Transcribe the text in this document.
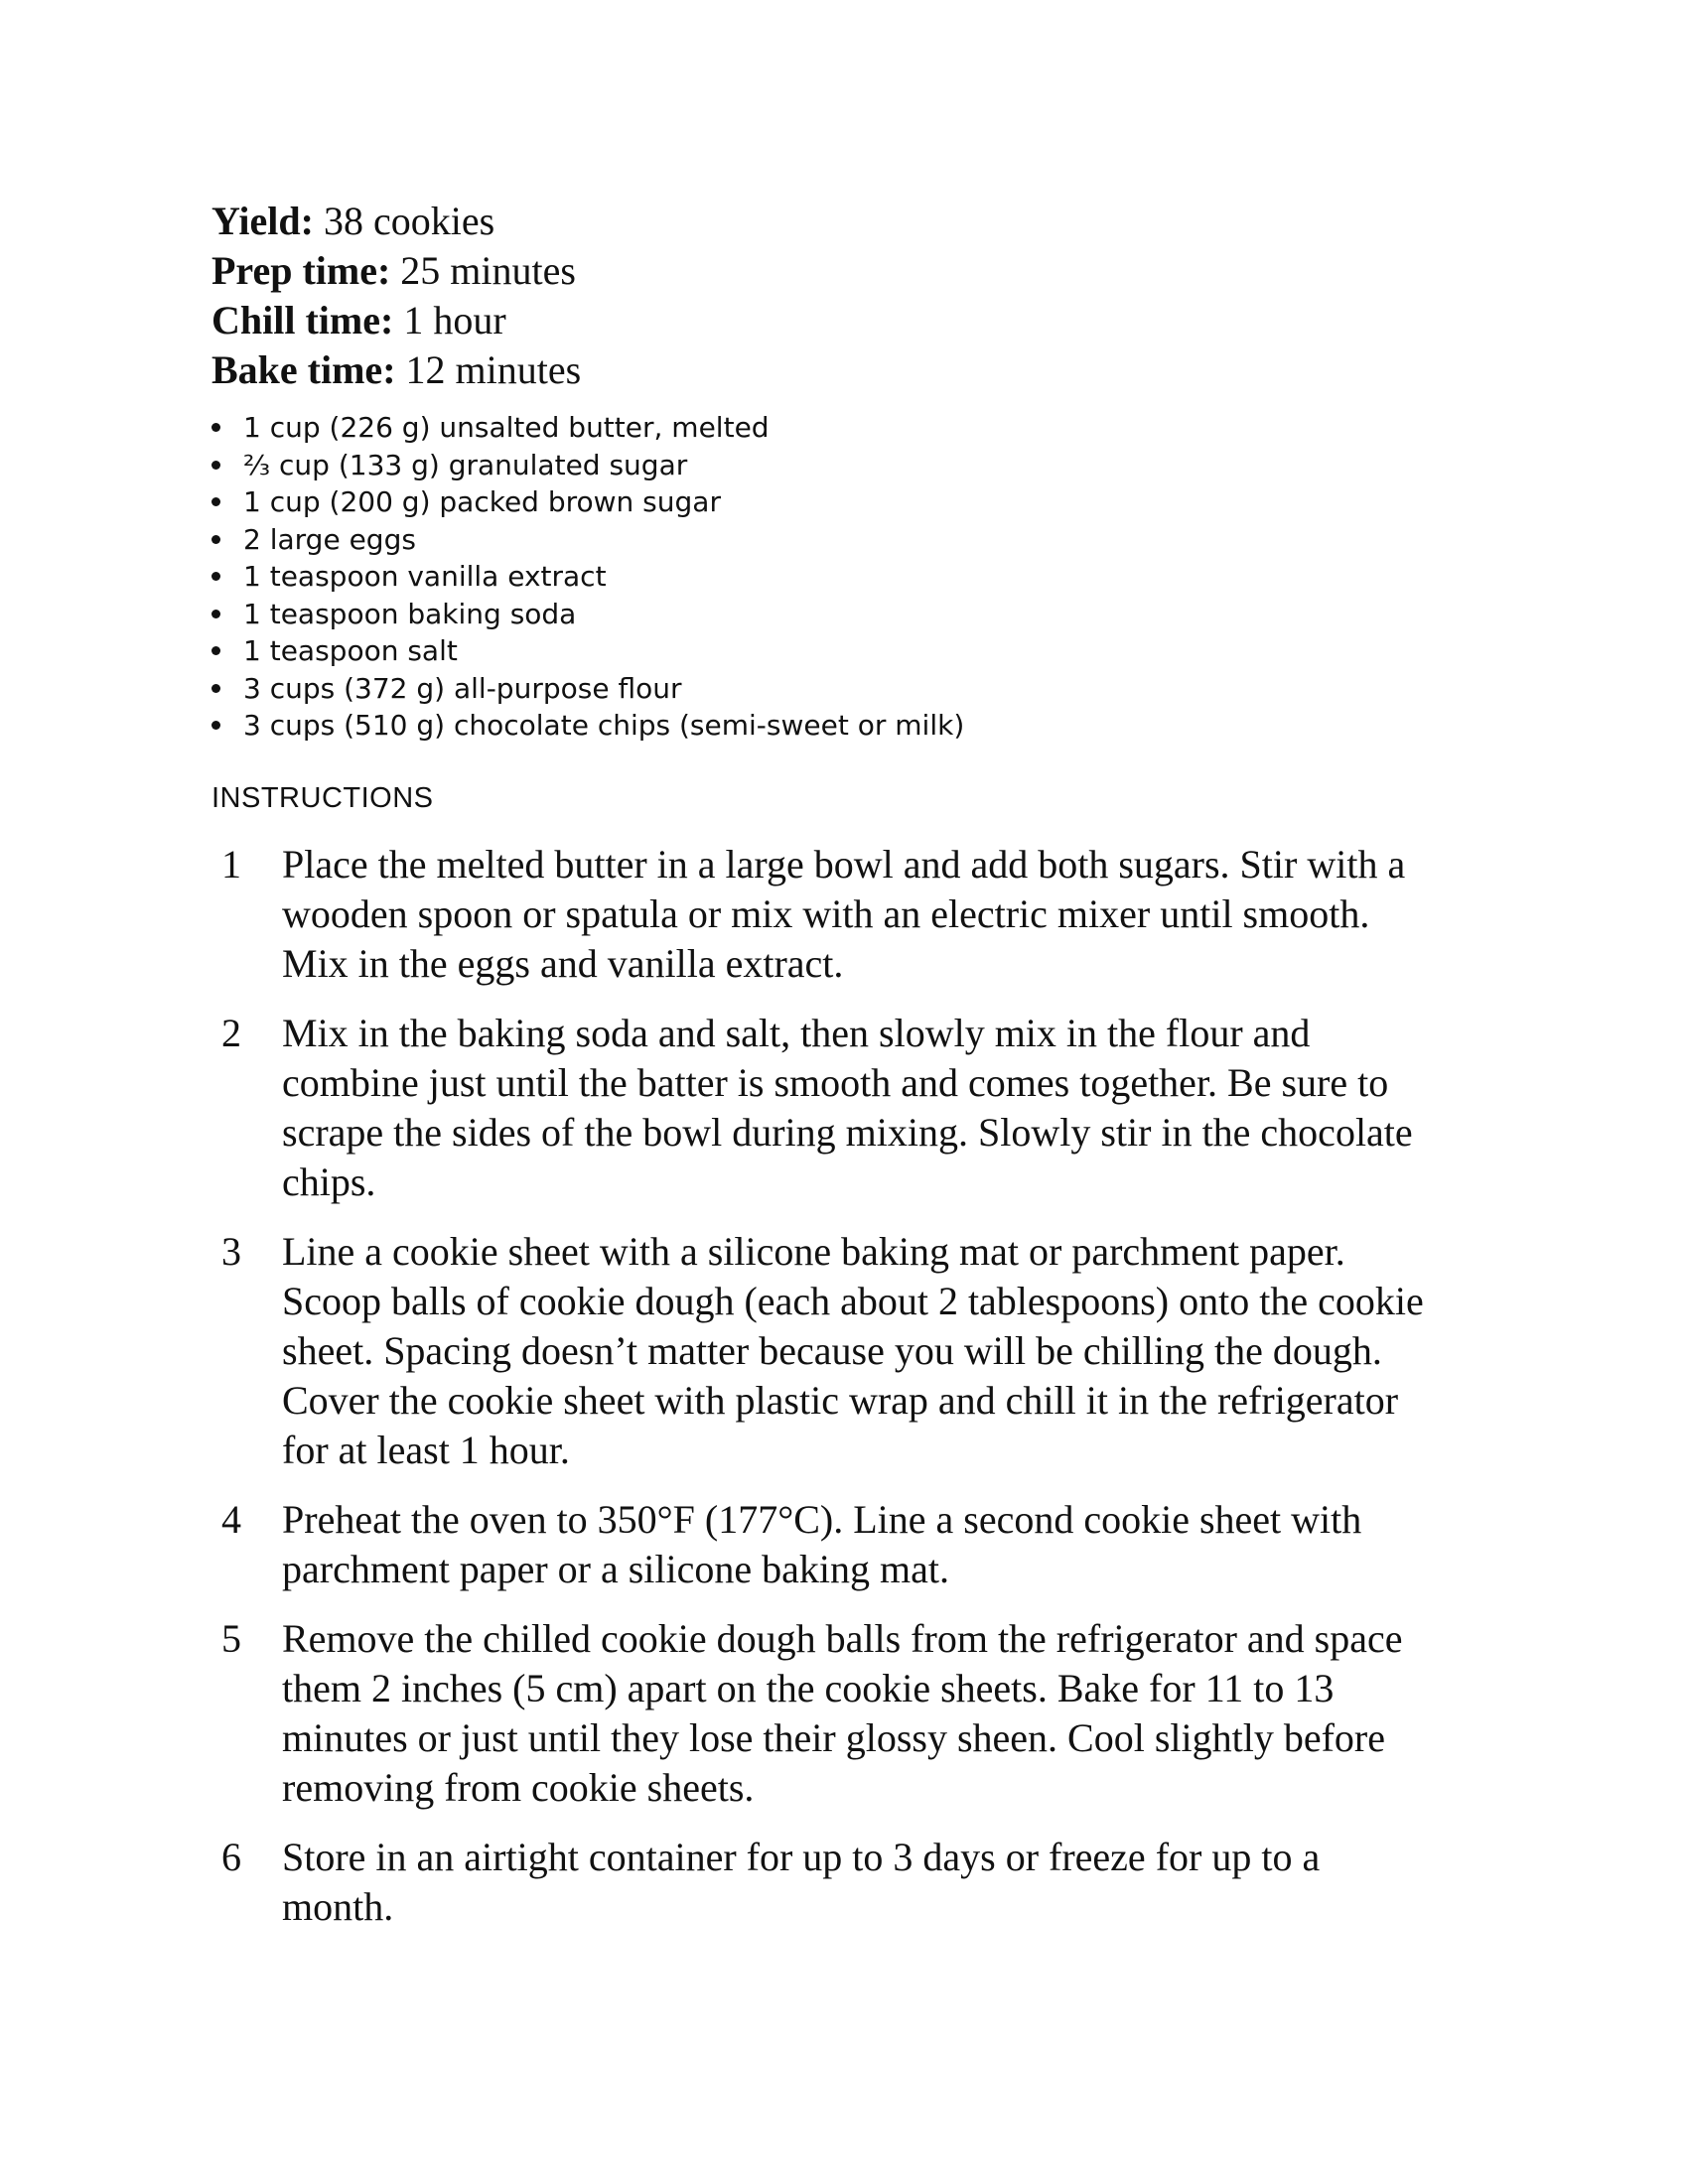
Yield: 38 cookies
Prep time: 25 minutes
Chill time: 1 hour
Bake time: 12 minutes
1 cup (226 g) unsalted butter, melted
⅔ cup (133 g) granulated sugar
1 cup (200 g) packed brown sugar
2 large eggs
1 teaspoon vanilla extract
1 teaspoon baking soda
1 teaspoon salt
3 cups (372 g) all-purpose flour
3 cups (510 g) chocolate chips (semi-sweet or milk)
INSTRUCTIONS
1 Place the melted butter in a large bowl and add both sugars. Stir with a
wooden spoon or spatula or mix with an electric mixer until smooth.
Mix in the eggs and vanilla extract.
2 Mix in the baking soda and salt, then slowly mix in the flour and
combine just until the batter is smooth and comes together. Be sure to
scrape the sides of the bowl during mixing. Slowly stir in the chocolate
chips.
3 Line a cookie sheet with a silicone baking mat or parchment paper.
Scoop balls of cookie dough (each about 2 tablespoons) onto the cookie
sheet. Spacing doesn’t matter because you will be chilling the dough.
Cover the cookie sheet with plastic wrap and chill it in the refrigerator
for at least 1 hour.
4 Preheat the oven to 350°F (177°C). Line a second cookie sheet with
parchment paper or a silicone baking mat.
5 Remove the chilled cookie dough balls from the refrigerator and space
them 2 inches (5 cm) apart on the cookie sheets. Bake for 11 to 13
minutes or just until they lose their glossy sheen. Cool slightly before
removing from cookie sheets.
6 Store in an airtight container for up to 3 days or freeze for up to a
month.
